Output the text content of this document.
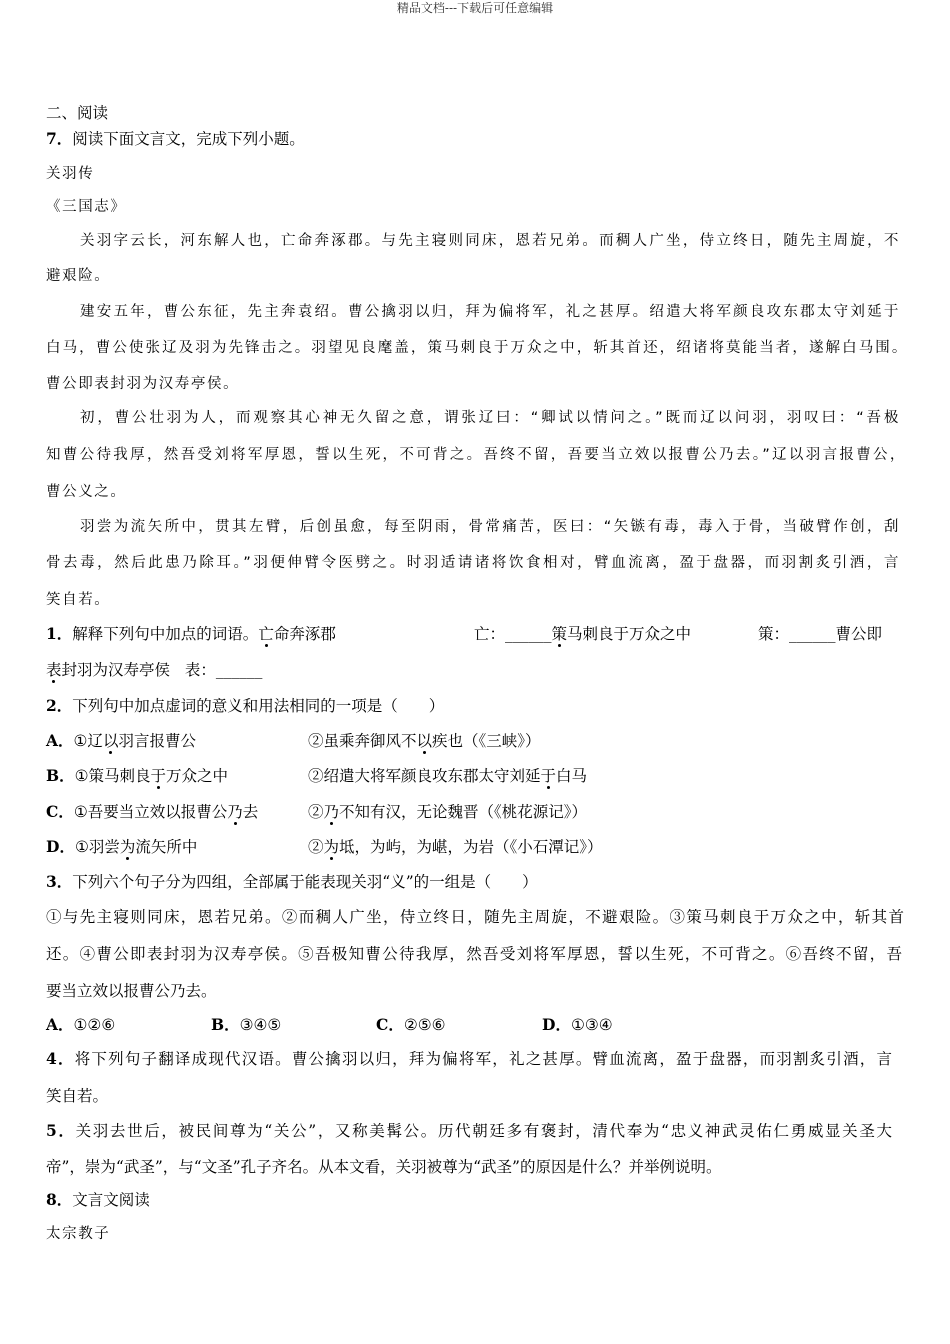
精品文档---下载后可任意编辑
二、阅读
7．阅读下面文言文，完成下列小题。
关羽传
《三国志》
关羽字云长，河东解人也，亡命奔涿郡。与先主寝则同床，恩若兄弟。而稠人广坐，侍立终日，随先主周旋，不
避艰险。
建安五年，曹公东征，先主奔袁绍。曹公擒羽以归，拜为偏将军，礼之甚厚。绍遣大将军颜良攻东郡太守刘延于
白马，曹公使张辽及羽为先锋击之。羽望见良麾盖，策马刺良于万众之中，斩其首还，绍诸将莫能当者，遂解白马围。
曹公即表封羽为汉寿亭侯。
初，曹公壮羽为人，而观察其心神无久留之意，谓张辽曰：“卿试以情问之。”既而辽以问羽，羽叹曰：“吾极
知曹公待我厚，然吾受刘将军厚恩，誓以生死，不可背之。吾终不留，吾要当立效以报曹公乃去。”辽以羽言报曹公，
曹公义之。
羽尝为流矢所中，贯其左臂，后创虽愈，每至阴雨，骨常痛苦，医曰：“矢镞有毒，毒入于骨，当破臂作创，刮
骨去毒，然后此患乃除耳。”羽便伸臂令医劈之。时羽适请诸将饮食相对，臂血流离，盈于盘器，而羽割炙引酒，言
笑自若。
1．解释下列句中加点的词语。亡命奔涿郡	亡：______策马刺良于万众之中	策：______曹公即
表封羽为汉寿亭侯 表：______
2．下列句中加点虚词的意义和用法相同的一项是（　　）
A．①辽以羽言报曹公	②虽乘奔御风不以疾也（《三峡》）
B．①策马刺良于万众之中	②绍遣大将军颜良攻东郡太守刘延于白马
C．①吾要当立效以报曹公乃去	②乃不知有汉，无论魏晋（《桃花源记》）
D．①羽尝为流矢所中	②为坻，为屿，为嵁，为岩（《小石潭记》）
3．下列六个句子分为四组，全部属于能表现关羽“义”的一组是（　　）
①与先主寝则同床，恩若兄弟。②而稠人广坐，侍立终日，随先主周旋，不避艰险。③策马刺良于万众之中，斩其首
还。④曹公即表封羽为汉寿亭侯。⑤吾极知曹公待我厚，然吾受刘将军厚恩，誓以生死，不可背之。⑥吾终不留，吾
要当立效以报曹公乃去。
A．①②⑥	B．③④⑤	C．②⑤⑥	D．①③④
4．将下列句子翻译成现代汉语。曹公擒羽以归，拜为偏将军，礼之甚厚。臂血流离，盈于盘器，而羽割炙引酒，言
笑自若。
5．关羽去世后，被民间尊为“关公”，又称美髯公。历代朝廷多有褒封，清代奉为“忠义神武灵佑仁勇威显关圣大
帝”，崇为“武圣”，与“文圣”孔子齐名。从本文看，关羽被尊为“武圣”的原因是什么？并举例说明。
8．文言文阅读
太宗教子
